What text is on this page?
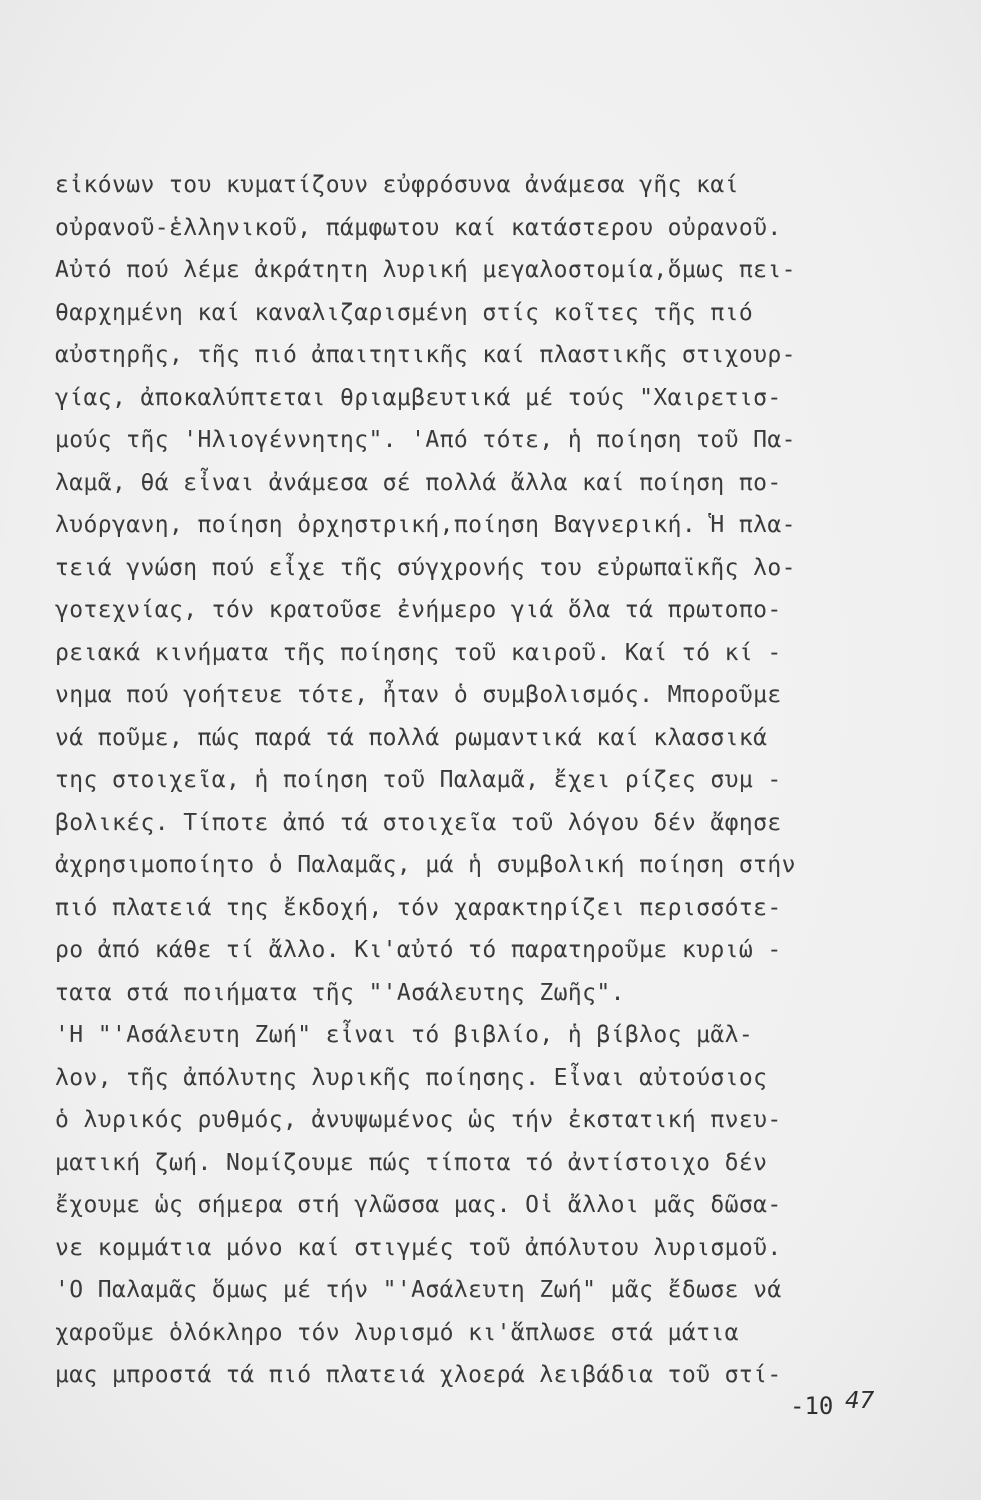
εἰκόνων του κυματίζουν εὐφρόσυνα ἀνάμεσα γῆς καί
οὐρανοῦ-ἑλληνικοῦ, πάμφωτου καί κατάστερου οὐρανοῦ.
Αὐτό πού λέμε ἀκράτητη λυρική μεγαλοστομία,ὅμως πει-
θαρχημένη καί καναλιζαρισμένη στίς κοῖτες τῆς πιό
αὐστηρῆς, τῆς πιό ἀπαιτητικῆς καί πλαστικῆς στιχουρ-
γίας, ἀποκαλύπτεται θριαμβευτικά μέ τούς "Χαιρετισ-
μούς τῆς 'Ηλιογέννητης". 'Από τότε, ἡ ποίηση τοῦ Πα-
λαμᾶ, θά εἶναι ἀνάμεσα σέ πολλά ἄλλα καί ποίηση πο-
λυόργανη, ποίηση ὀρχηστρική,ποίηση Βαγνερική. Ἡ πλα-
τειά γνώση πού εἶχε τῆς σύγχρονής του εὐρωπαϊκῆς λο-
γοτεχνίας, τόν κρατοῦσε ἐνήμερο γιά ὅλα τά πρωτοπο-
ρειακά κινήματα τῆς ποίησης τοῦ καιροῦ. Καί τό κί -
νημα πού γοήτευε τότε, ἦταν ὁ συμβολισμός. Μποροῦμε
νά ποῦμε, πώς παρά τά πολλά ρωμαντικά καί κλασσικά
της στοιχεῖα, ἡ ποίηση τοῦ Παλαμᾶ, ἔχει ρίζες συμ -
βολικές. Τίποτε ἀπό τά στοιχεῖα τοῦ λόγου δέν ἄφησε
ἀχρησιμοποίητο ὁ Παλαμᾶς, μά ἡ συμβολική ποίηση στήν
πιό πλατειά της ἔκδοχή, τόν χαρακτηρίζει περισσότε-
ρο ἀπό κάθε τί ἄλλο. Κι'αὐτό τό παρατηροῦμε κυριώ -
τατα στά ποιήματα τῆς "'Ασάλευτης Ζωῆς".
'Η "'Ασάλευτη Ζωή" εἶναι τό βιβλίο, ἡ βίβλος μᾶλ-
λον, τῆς ἀπόλυτης λυρικῆς ποίησης. Εἶναι αὐτούσιος
ὁ λυρικός ρυθμός, ἀνυψωμένος ὡς τήν ἐκστατική πνευ-
ματική ζωή. Νομίζουμε πώς τίποτα τό ἀντίστοιχο δέν
ἔχουμε ὡς σήμερα στή γλῶσσα μας. Οἱ ἄλλοι μᾶς δῶσα-
νε κομμάτια μόνο καί στιγμές τοῦ ἀπόλυτου λυρισμοῦ.
'Ο Παλαμᾶς ὅμως μέ τήν "'Ασάλευτη Ζωή" μᾶς ἔδωσε νά
χαροῦμε ὁλόκληρο τόν λυρισμό κι'ἅπλωσε στά μάτια
μας μπροστά τά πιό πλατειά χλοερά λειβάδια τοῦ στί-
-10 47
